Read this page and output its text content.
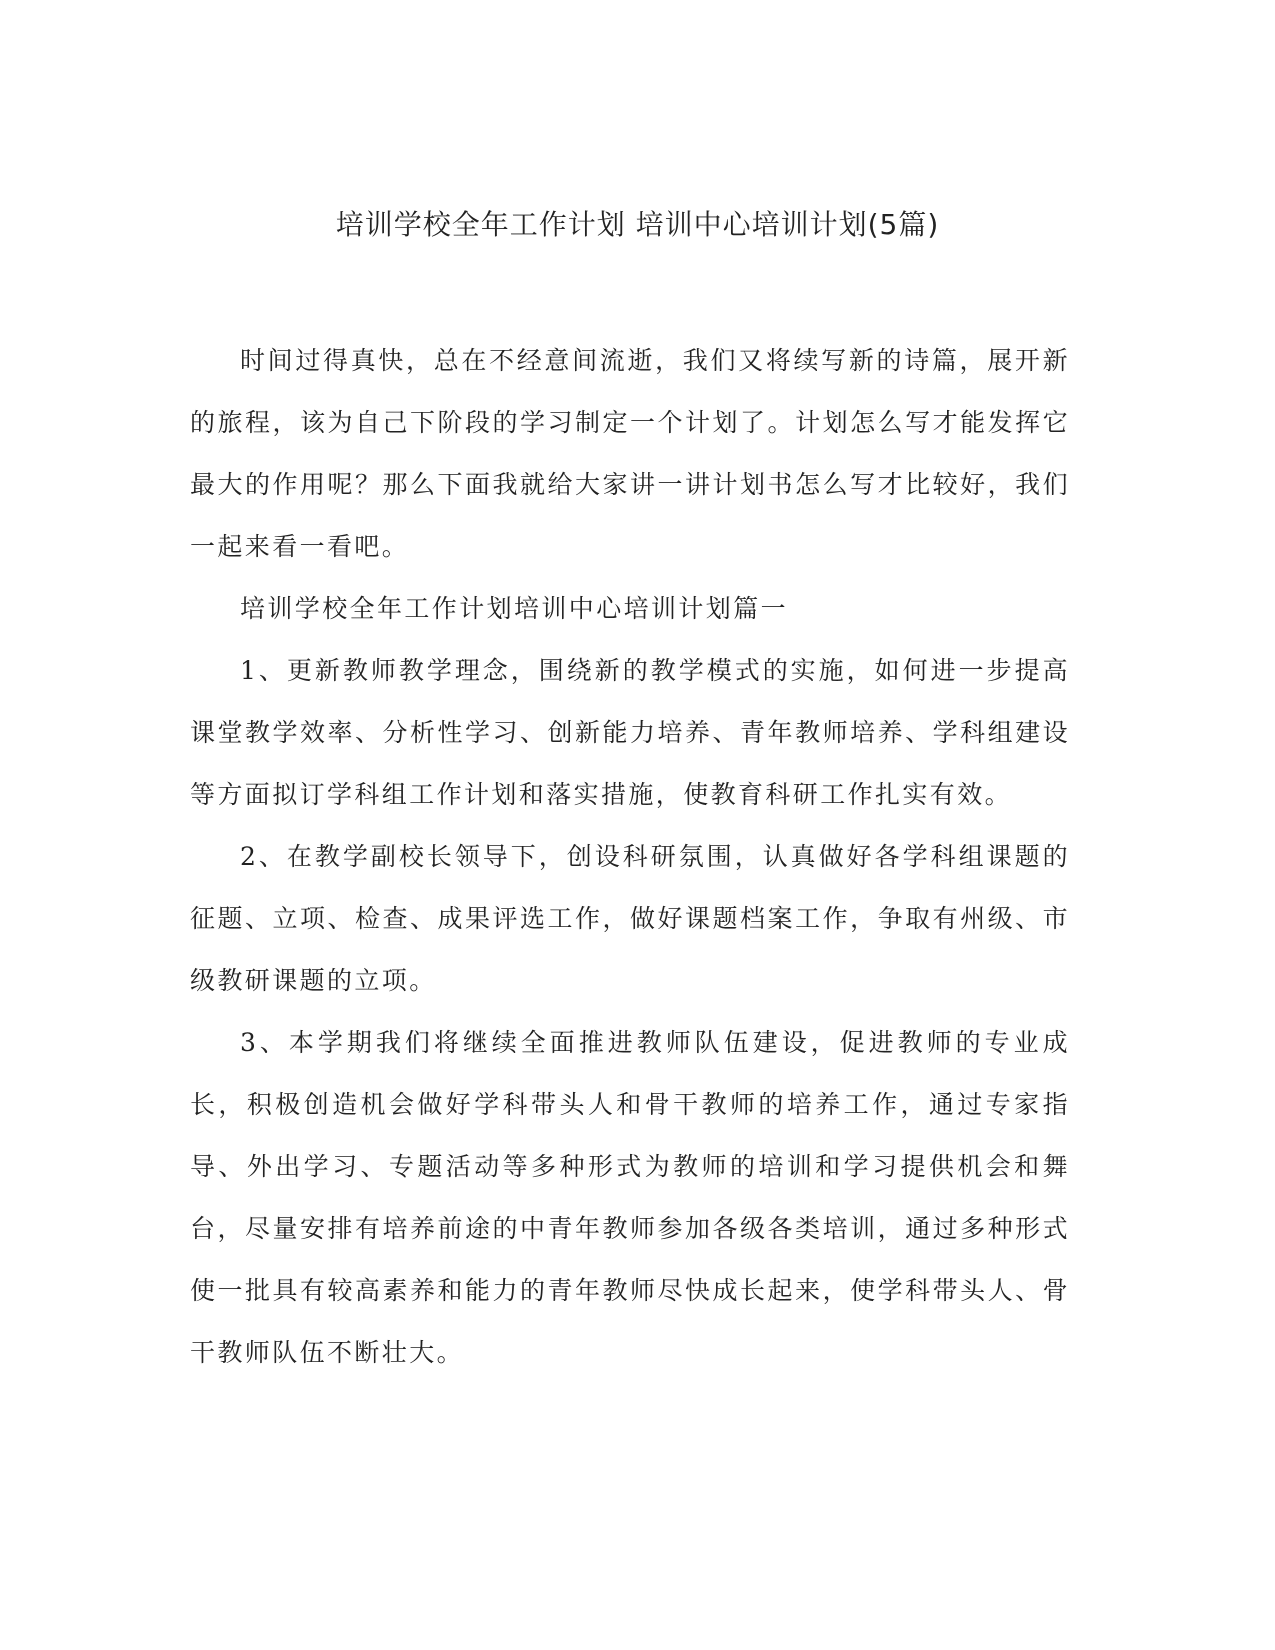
培训学校全年工作计划 培训中心培训计划(5篇)

时间过得真快，总在不经意间流逝，我们又将续写新的诗篇，展开新的旅程，该为自己下阶段的学习制定一个计划了。计划怎么写才能发挥它最大的作用呢？那么下面我就给大家讲一讲计划书怎么写才比较好，我们一起来看一看吧。

培训学校全年工作计划培训中心培训计划篇一

1、更新教师教学理念，围绕新的教学模式的实施，如何进一步提高课堂教学效率、分析性学习、创新能力培养、青年教师培养、学科组建设等方面拟订学科组工作计划和落实措施，使教育科研工作扎实有效。

2、在教学副校长领导下，创设科研氛围，认真做好各学科组课题的征题、立项、检查、成果评选工作，做好课题档案工作，争取有州级、市级教研课题的立项。

3、本学期我们将继续全面推进教师队伍建设，促进教师的专业成长，积极创造机会做好学科带头人和骨干教师的培养工作，通过专家指导、外出学习、专题活动等多种形式为教师的培训和学习提供机会和舞台，尽量安排有培养前途的中青年教师参加各级各类培训，通过多种形式使一批具有较高素养和能力的青年教师尽快成长起来，使学科带头人、骨干教师队伍不断壮大。
